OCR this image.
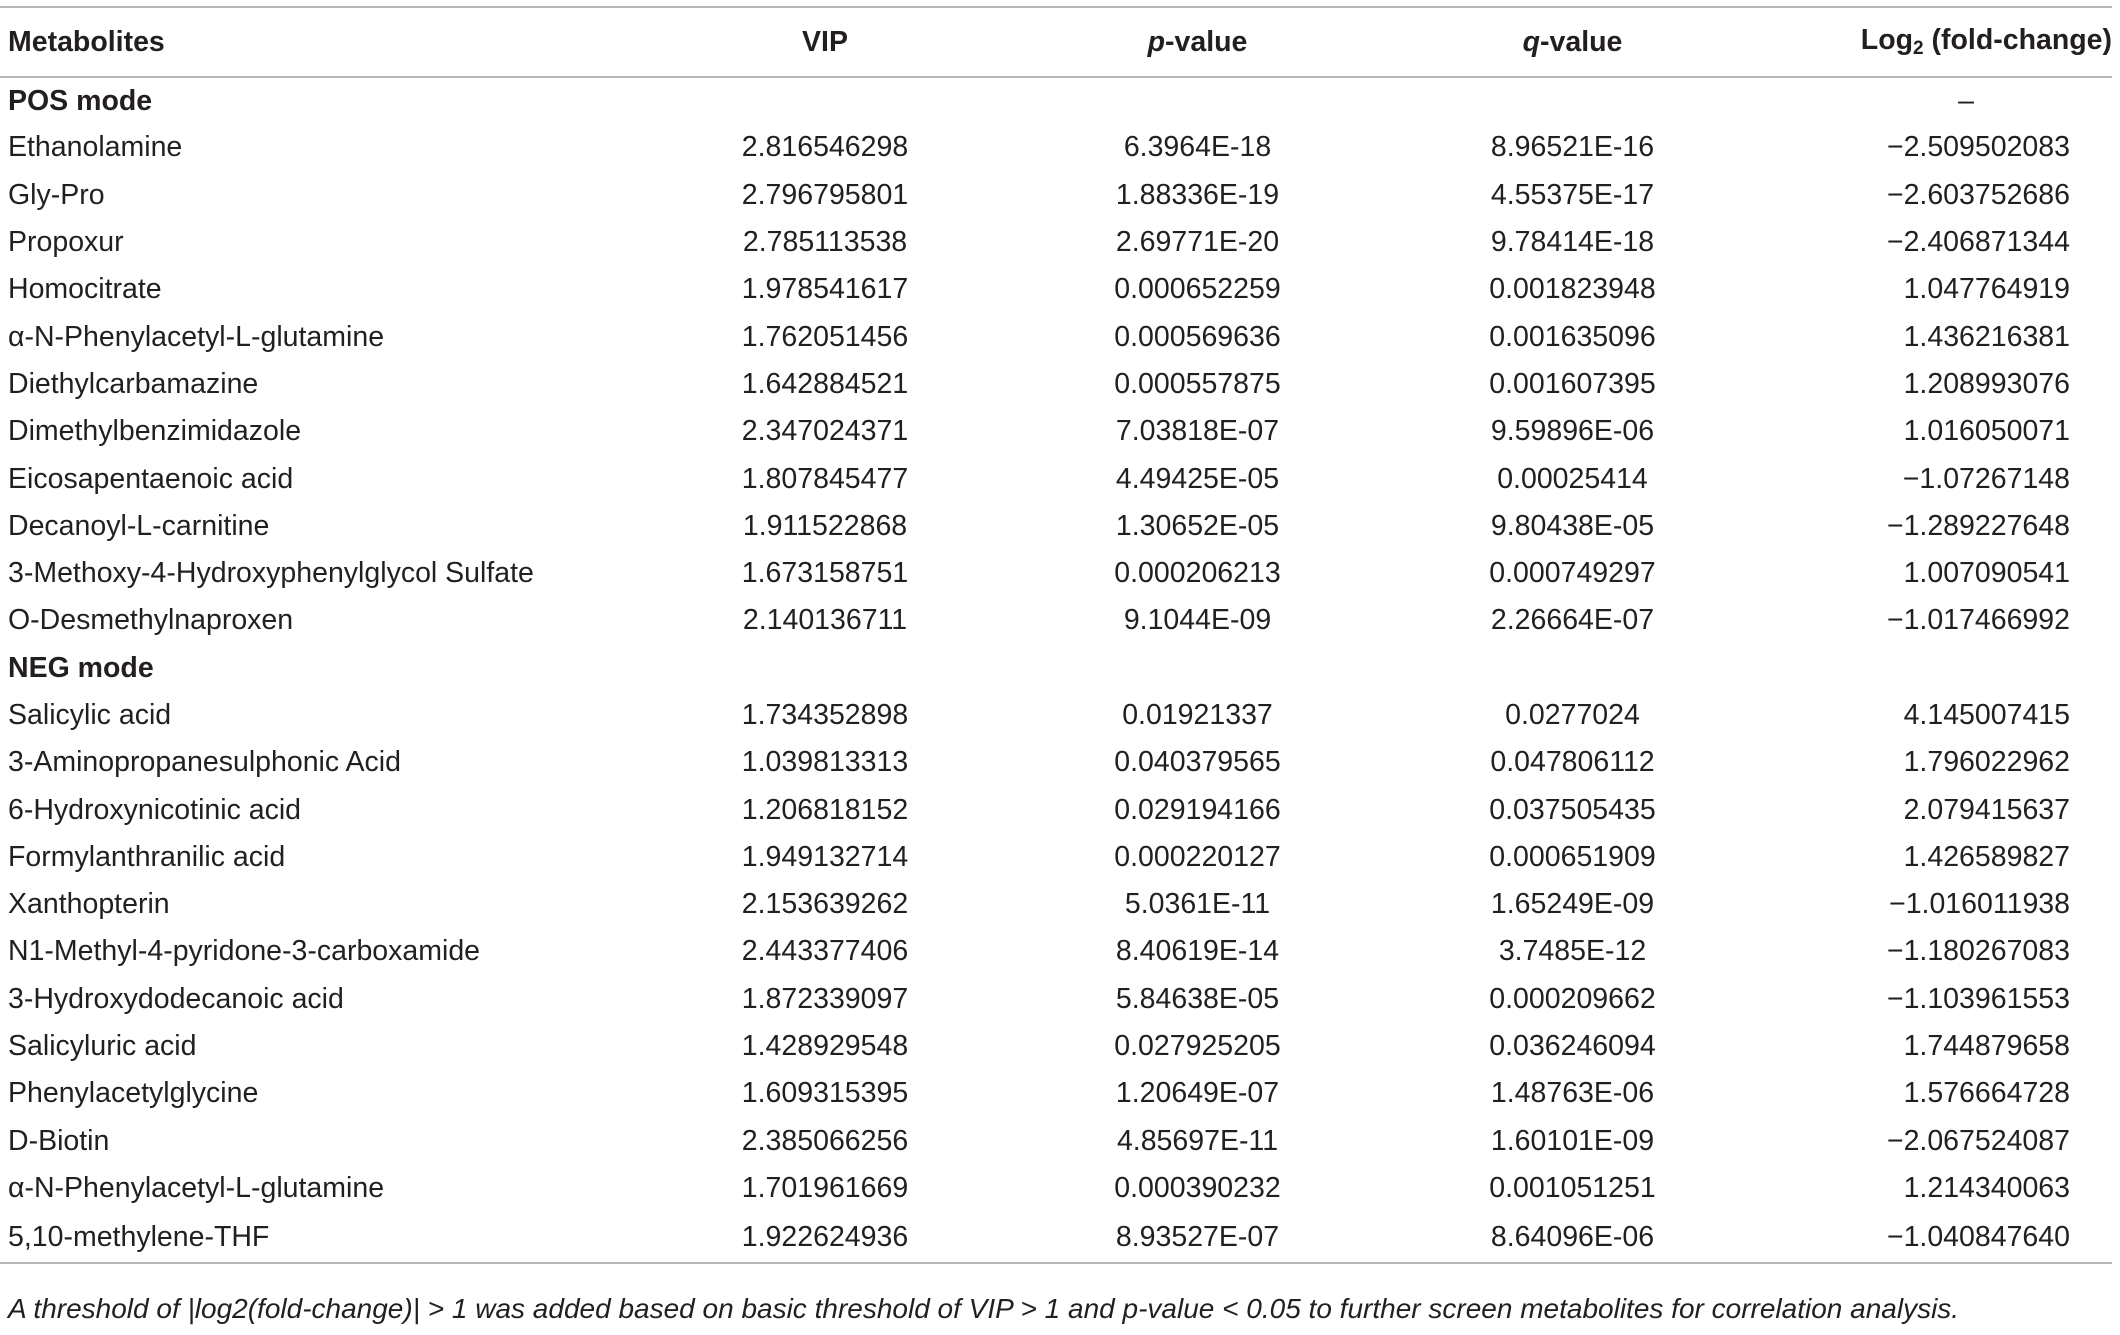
Metabolites	VIP	p-value	q-value	Log$_2$ (fold-change)
POS mode				–
Ethanolamine	2.816546298	6.3964E-18	8.96521E-16	−2.509502083
Gly-Pro	2.796795801	1.88336E-19	4.55375E-17	−2.603752686
Propoxur	2.785113538	2.69771E-20	9.78414E-18	−2.406871344
Homocitrate	1.978541617	0.000652259	0.001823948	1.047764919
α-N-Phenylacetyl-L-glutamine	1.762051456	0.000569636	0.001635096	1.436216381
Diethylcarbamazine	1.642884521	0.000557875	0.001607395	1.208993076
Dimethylbenzimidazole	2.347024371	7.03818E-07	9.59896E-06	1.016050071
Eicosapentaenoic acid	1.807845477	4.49425E-05	0.00025414	−1.07267148
Decanoyl-L-carnitine	1.911522868	1.30652E-05	9.80438E-05	−1.289227648
3-Methoxy-4-Hydroxyphenylglycol Sulfate	1.673158751	0.000206213	0.000749297	1.007090541
O-Desmethylnaproxen	2.140136711	9.1044E-09	2.26664E-07	−1.017466992
NEG mode				
Salicylic acid	1.734352898	0.01921337	0.0277024	4.145007415
3-Aminopropanesulphonic Acid	1.039813313	0.040379565	0.047806112	1.796022962
6-Hydroxynicotinic acid	1.206818152	0.029194166	0.037505435	2.079415637
Formylanthranilic acid	1.949132714	0.000220127	0.000651909	1.426589827
Xanthopterin	2.153639262	5.0361E-11	1.65249E-09	−1.016011938
N1-Methyl-4-pyridone-3-carboxamide	2.443377406	8.40619E-14	3.7485E-12	−1.180267083
3-Hydroxydodecanoic acid	1.872339097	5.84638E-05	0.000209662	−1.103961553
Salicyluric acid	1.428929548	0.027925205	0.036246094	1.744879658
Phenylacetylglycine	1.609315395	1.20649E-07	1.48763E-06	1.576664728
D-Biotin	2.385066256	4.85697E-11	1.60101E-09	−2.067524087
α-N-Phenylacetyl-L-glutamine	1.701961669	0.000390232	0.001051251	1.214340063
5,10-methylene-THF	1.922624936	8.93527E-07	8.64096E-06	−1.040847640
A threshold of |log2(fold-change)| > 1 was added based on basic threshold of VIP > 1 and p-value < 0.05 to further screen metabolites for correlation analysis.
